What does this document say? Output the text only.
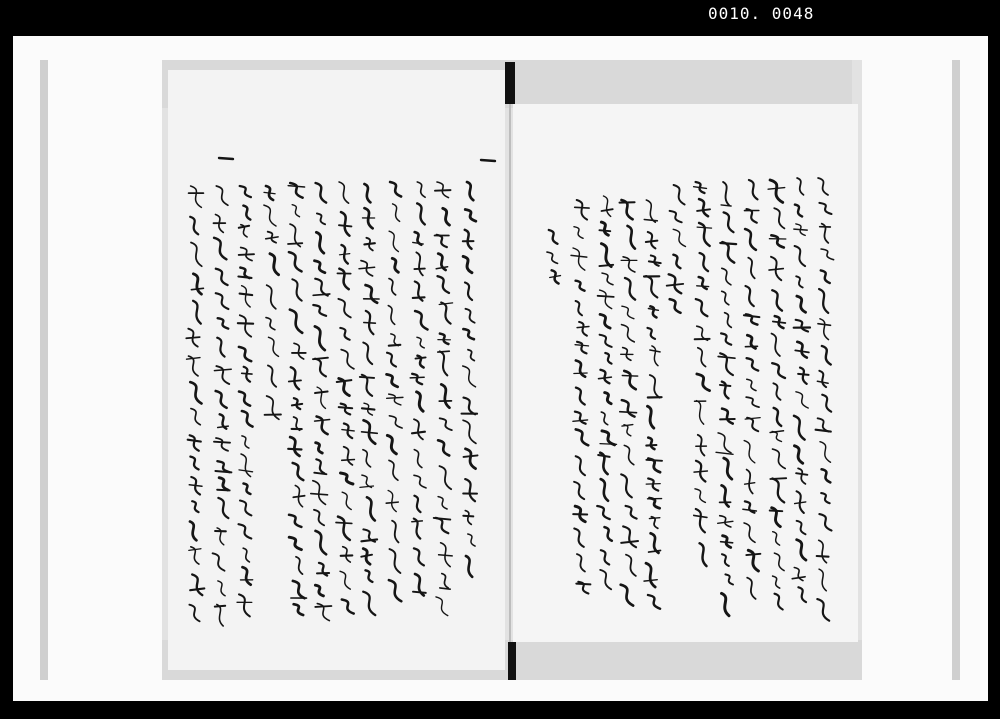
0010. 0048
